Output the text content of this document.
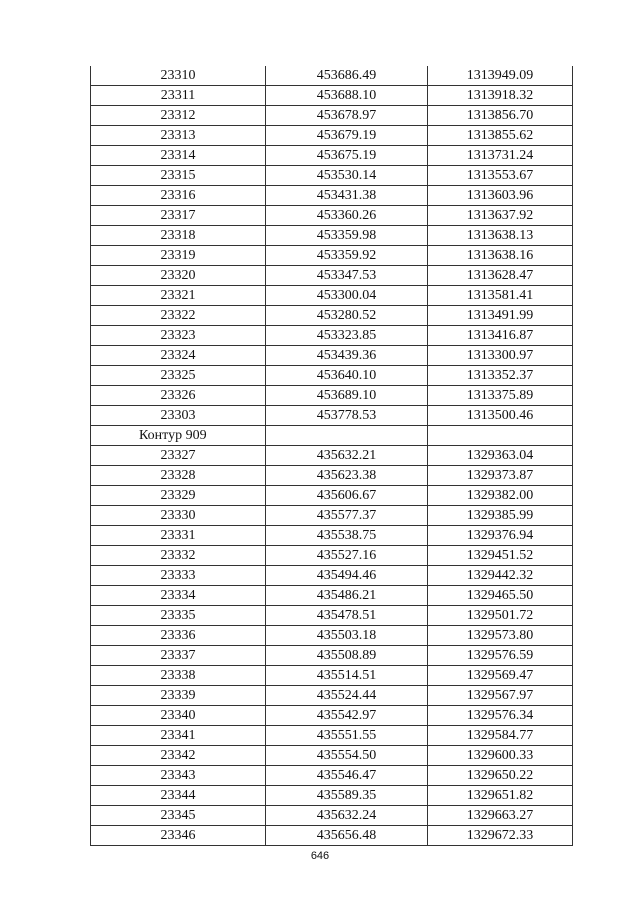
23310	453686.49	1313949.09
23311	453688.10	1313918.32
23312	453678.97	1313856.70
23313	453679.19	1313855.62
23314	453675.19	1313731.24
23315	453530.14	1313553.67
23316	453431.38	1313603.96
23317	453360.26	1313637.92
23318	453359.98	1313638.13
23319	453359.92	1313638.16
23320	453347.53	1313628.47
23321	453300.04	1313581.41
23322	453280.52	1313491.99
23323	453323.85	1313416.87
23324	453439.36	1313300.97
23325	453640.10	1313352.37
23326	453689.10	1313375.89
23303	453778.53	1313500.46
Контур 909		
23327	435632.21	1329363.04
23328	435623.38	1329373.87
23329	435606.67	1329382.00
23330	435577.37	1329385.99
23331	435538.75	1329376.94
23332	435527.16	1329451.52
23333	435494.46	1329442.32
23334	435486.21	1329465.50
23335	435478.51	1329501.72
23336	435503.18	1329573.80
23337	435508.89	1329576.59
23338	435514.51	1329569.47
23339	435524.44	1329567.97
23340	435542.97	1329576.34
23341	435551.55	1329584.77
23342	435554.50	1329600.33
23343	435546.47	1329650.22
23344	435589.35	1329651.82
23345	435632.24	1329663.27
23346	435656.48	1329672.33
646
